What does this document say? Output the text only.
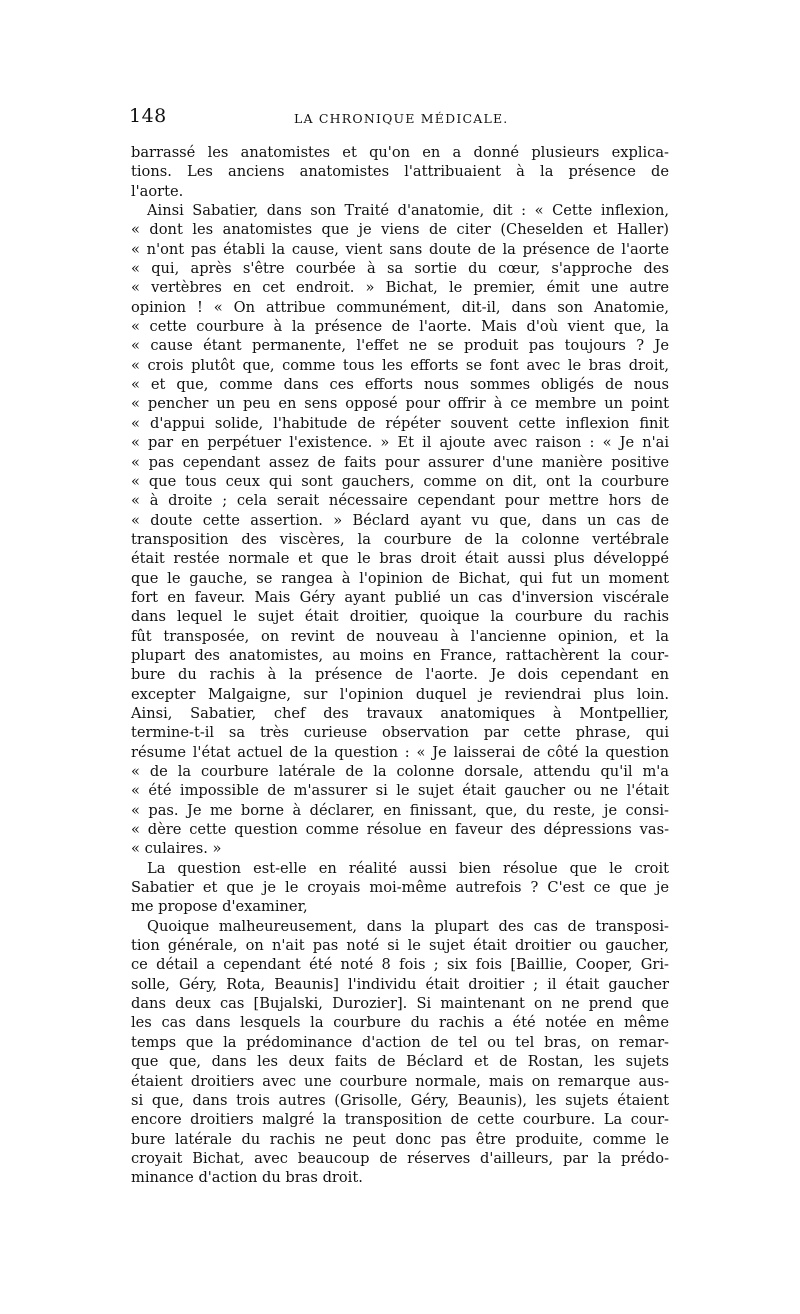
148	LA CHRONIQUE MÉDICALE.
barrassé les anatomistes et qu'on en a donné plusieurs explica-
tions. Les anciens anatomistes l'attribuaient à la présence de
l'aorte.
Ainsi Sabatier, dans son Traité d'anatomie, dit : « Cette inflexion,
« dont les anatomistes que je viens de citer (Cheselden et Haller)
« n'ont pas établi la cause, vient sans doute de la présence de l'aorte
« qui, après s'être courbée à sa sortie du cœur, s'approche des
« vertèbres en cet endroit. » Bichat, le premier, émit une autre
opinion ! « On attribue communément, dit-il, dans son Anatomie,
« cette courbure à la présence de l'aorte. Mais d'où vient que, la
« cause étant permanente, l'effet ne se produit pas toujours ? Je
« crois plutôt que, comme tous les efforts se font avec le bras droit,
« et que, comme dans ces efforts nous sommes obligés de nous
« pencher un peu en sens opposé pour offrir à ce membre un point
« d'appui solide, l'habitude de répéter souvent cette inflexion finit
« par en perpétuer l'existence. » Et il ajoute avec raison : « Je n'ai
« pas cependant assez de faits pour assurer d'une manière positive
« que tous ceux qui sont gauchers, comme on dit, ont la courbure
« à droite ; cela serait nécessaire cependant pour mettre hors de
« doute cette assertion. » Béclard ayant vu que, dans un cas de
transposition des viscères, la courbure de la colonne vertébrale
était restée normale et que le bras droit était aussi plus développé
que le gauche, se rangea à l'opinion de Bichat, qui fut un moment
fort en faveur. Mais Géry ayant publié un cas d'inversion viscérale
dans lequel le sujet était droitier, quoique la courbure du rachis
fût transposée, on revint de nouveau à l'ancienne opinion, et la
plupart des anatomistes, au moins en France, rattachèrent la cour-
bure du rachis à la présence de l'aorte. Je dois cependant en
excepter Malgaigne, sur l'opinion duquel je reviendrai plus loin.
Ainsi, Sabatier, chef des travaux anatomiques à Montpellier,
termine-t-il sa très curieuse observation par cette phrase, qui
résume l'état actuel de la question : « Je laisserai de côté la question
« de la courbure latérale de la colonne dorsale, attendu qu'il m'a
« été impossible de m'assurer si le sujet était gaucher ou ne l'était
« pas. Je me borne à déclarer, en finissant, que, du reste, je consi-
« dère cette question comme résolue en faveur des dépressions vas-
« culaires. »
La question est-elle en réalité aussi bien résolue que le croit
Sabatier et que je le croyais moi-même autrefois ? C'est ce que je
me propose d'examiner,
Quoique malheureusement, dans la plupart des cas de transposi-
tion générale, on n'ait pas noté si le sujet était droitier ou gaucher,
ce détail a cependant été noté 8 fois ; six fois [Baillie, Cooper, Gri-
solle, Géry, Rota, Beaunis] l'individu était droitier ; il était gaucher
dans deux cas [Bujalski, Durozier]. Si maintenant on ne prend que
les cas dans lesquels la courbure du rachis a été notée en même
temps que la prédominance d'action de tel ou tel bras, on remar-
que que, dans les deux faits de Béclard et de Rostan, les sujets
étaient droitiers avec une courbure normale, mais on remarque aus-
si que, dans trois autres (Grisolle, Géry, Beaunis), les sujets étaient
encore droitiers malgré la transposition de cette courbure. La cour-
bure latérale du rachis ne peut donc pas être produite, comme le
croyait Bichat, avec beaucoup de réserves d'ailleurs, par la prédo-
minance d'action du bras droit.
